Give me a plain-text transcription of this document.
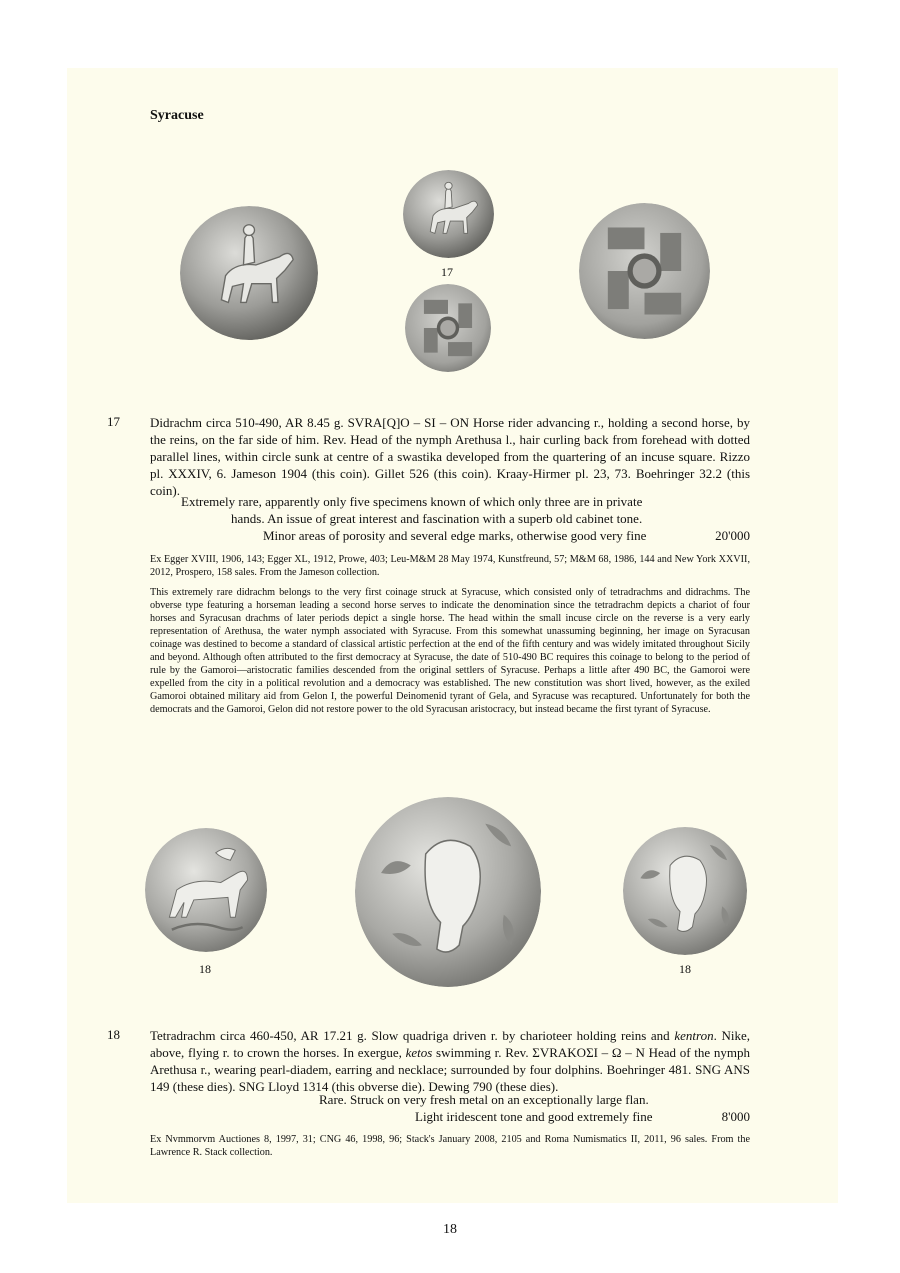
Syracuse
17
17 Didrachm circa 510-490, AR 8.45 g. SVRA[Q]O – SI – ON Horse rider advancing r., holding a second horse, by the reins, on the far side of him. Rev. Head of the nymph Arethusa l., hair curling back from forehead with dotted parallel lines, within circle sunk at centre of a swastika developed from the quartering of an incuse square. Rizzo pl. XXXIV, 6. Jameson 1904 (this coin). Gillet 526 (this coin). Kraay-Hirmer pl. 23, 73. Boehringer 32.2 (this coin).

Extremely rare, apparently only five specimens known of which only three are in private
hands. An issue of great interest and fascination with a superb old cabinet tone.
Minor areas of porosity and several edge marks, otherwise good very fine	20'000

Ex Egger XVIII, 1906, 143; Egger XL, 1912, Prowe, 403; Leu-M&M 28 May 1974, Kunstfreund, 57; M&M 68, 1986, 144 and New York XXVII, 2012, Prospero, 158 sales. From the Jameson collection.

This extremely rare didrachm belongs to the very first coinage struck at Syracuse, which consisted only of tetradrachms and didrachms. The obverse type featuring a horseman leading a second horse serves to indicate the denomination since the tetradrachm depicts a chariot of four horses and Syracusan drachms of later periods depict a single horse. The head within the small incuse circle on the reverse is a very early representation of Arethusa, the water nymph associated with Syracuse. From this somewhat unassuming beginning, her image on Syracusan coinage was destined to become a standard of classical artistic perfection at the end of the fifth century and was widely imitated throughout Sicily and beyond. Although often attributed to the first democracy at Syracuse, the date of 510-490 BC requires this coinage to belong to the period of rule by the Gamoroi—aristocratic families descended from the original settlers of Syracuse. Perhaps a little after 490 BC, the Gamoroi were expelled from the city in a political revolution and a democracy was established. The new constitution was short lived, however, as the exiled Gamoroi obtained military aid from Gelon I, the powerful Deinomenid tyrant of Gela, and Syracuse was recaptured. Unfortunately for both the democrats and the Gamoroi, Gelon did not restore power to the old Syracusan aristocracy, but instead became the first tyrant of Syracuse.

18	18
18 Tetradrachm circa 460-450, AR 17.21 g. Slow quadriga driven r. by charioteer holding reins and kentron. Nike, above, flying r. to crown the horses. In exergue, ketos swimming r. Rev. ΣVRAKOΣI – Ω – N Head of the nymph Arethusa r., wearing pearl-diadem, earring and necklace; surrounded by four dolphins. Boehringer 481. SNG ANS 149 (these dies). SNG Lloyd 1314 (this obverse die). Dewing 790 (these dies).

Rare. Struck on very fresh metal on an exceptionally large flan.
Light iridescent tone and good extremely fine	8'000

Ex Nvmmorvm Auctiones 8, 1997, 31; CNG 46, 1998, 96; Stack's January 2008, 2105 and Roma Numismatics II, 2011, 96 sales. From the Lawrence R. Stack collection.

18
